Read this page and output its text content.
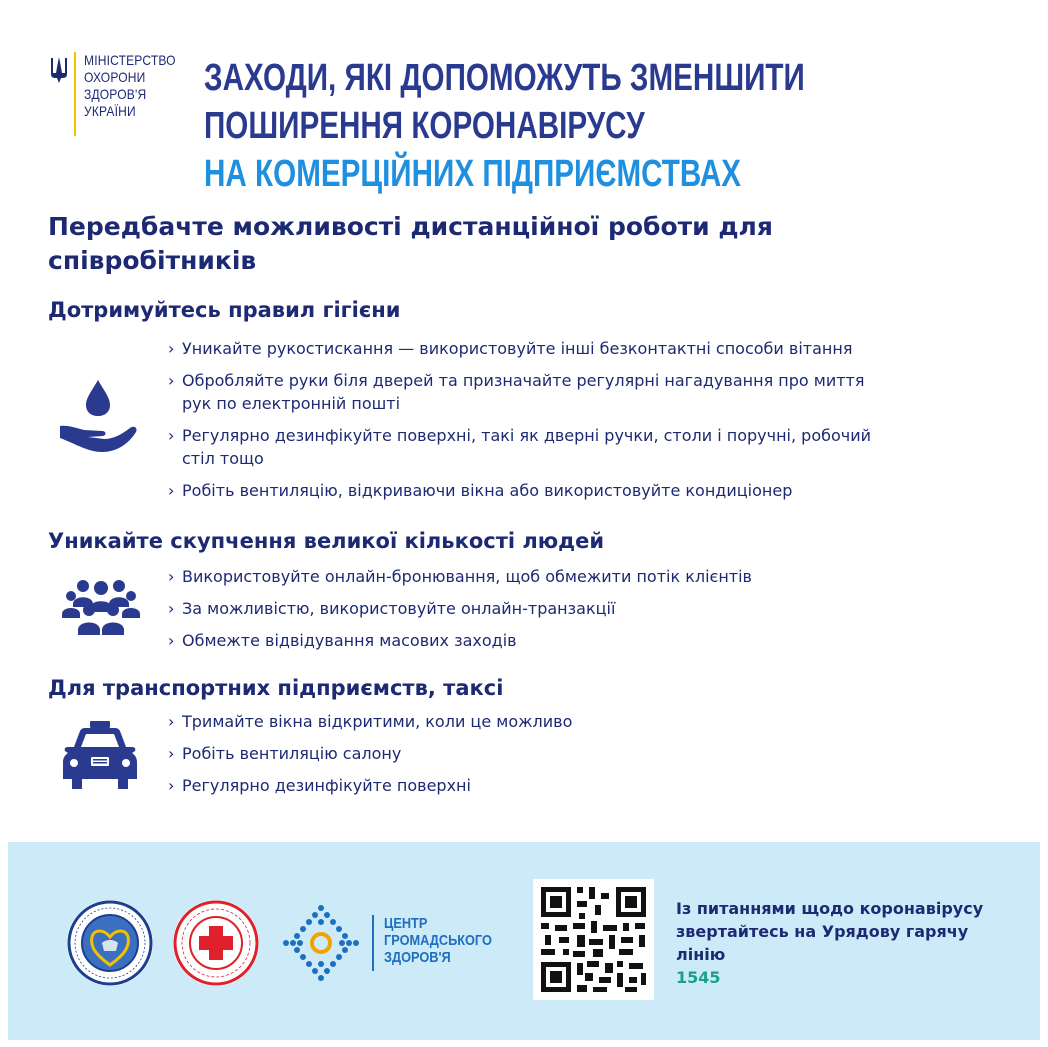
МІНІСТЕРСТВО
ОХОРОНИ
ЗДОРОВ'Я
УКРАЇНИ
ЗАХОДИ, ЯКІ ДОПОМОЖУТЬ ЗМЕНШИТИ
ПОШИРЕННЯ КОРОНАВІРУСУ
НА КОМЕРЦІЙНИХ ПІДПРИЄМСТВАХ
Передбачте можливості дистанційної роботи для співробітників
Дотримуйтесь правил гігієни
› Уникайте рукостискання — використовуйте інші безконтактні способи вітання
› Обробляйте руки біля дверей та призначайте регулярні нагадування про миття рук по електронній пошті
› Регулярно дезинфікуйте поверхні, такі як дверні ручки, столи і поручні, робочий стіл тощо
› Робіть вентиляцію, відкриваючи вікна або використовуйте кондиціонер
Уникайте скупчення великої кількості людей
› Використовуйте онлайн-бронювання, щоб обмежити потік клієнтів
› За можливістю, використовуйте онлайн-транзакції
› Обмежте відвідування масових заходів
Для транспортних підприємств, таксі
› Тримайте вікна відкритими, коли це можливо
› Робіть вентиляцію салону
› Регулярно дезинфікуйте поверхні
ЦЕНТР
ГРОМАДСЬКОГО
ЗДОРОВ'Я
Із питаннями щодо коронавірусу звертайтесь на Урядову гарячу лінію
1545
